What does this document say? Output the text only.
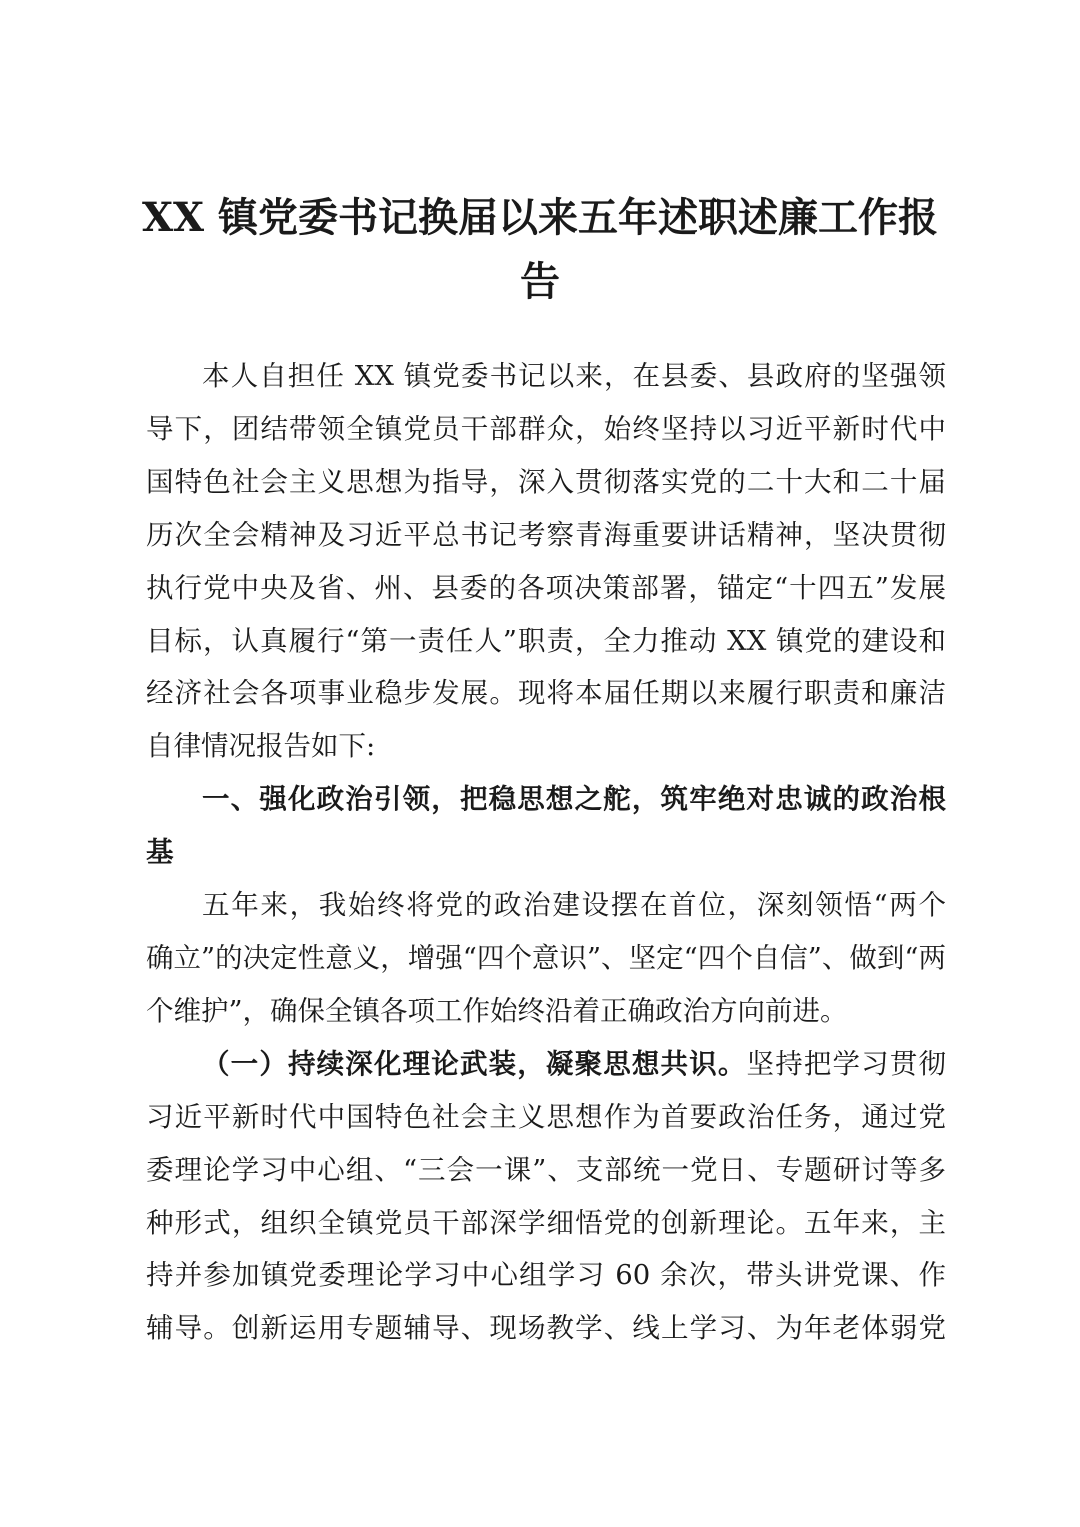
XX 镇党委书记换届以来五年述职述廉工作报
告

本人自担任 XX 镇党委书记以来，在县委、县政府的坚强领
导下，团结带领全镇党员干部群众，始终坚持以习近平新时代中
国特色社会主义思想为指导，深入贯彻落实党的二十大和二十届
历次全会精神及习近平总书记考察青海重要讲话精神，坚决贯彻
执行党中央及省、州、县委的各项决策部署，锚定“十四五”发展
目标，认真履行“第一责任人”职责，全力推动 XX 镇党的建设和
经济社会各项事业稳步发展。现将本届任期以来履行职责和廉洁
自律情况报告如下:

一、强化政治引领，把稳思想之舵，筑牢绝对忠诚的政治根
基

五年来，我始终将党的政治建设摆在首位，深刻领悟“两个
确立”的决定性意义，增强“四个意识”、坚定“四个自信”、做到“两
个维护”，确保全镇各项工作始终沿着正确政治方向前进。

（一）持续深化理论武装，凝聚思想共识。坚持把学习贯彻
习近平新时代中国特色社会主义思想作为首要政治任务，通过党
委理论学习中心组、“三会一课”、支部统一党日、专题研讨等多
种形式，组织全镇党员干部深学细悟党的创新理论。五年来，主
持并参加镇党委理论学习中心组学习 60 余次，带头讲党课、作
辅导。创新运用专题辅导、现场教学、线上学习、为年老体弱党
